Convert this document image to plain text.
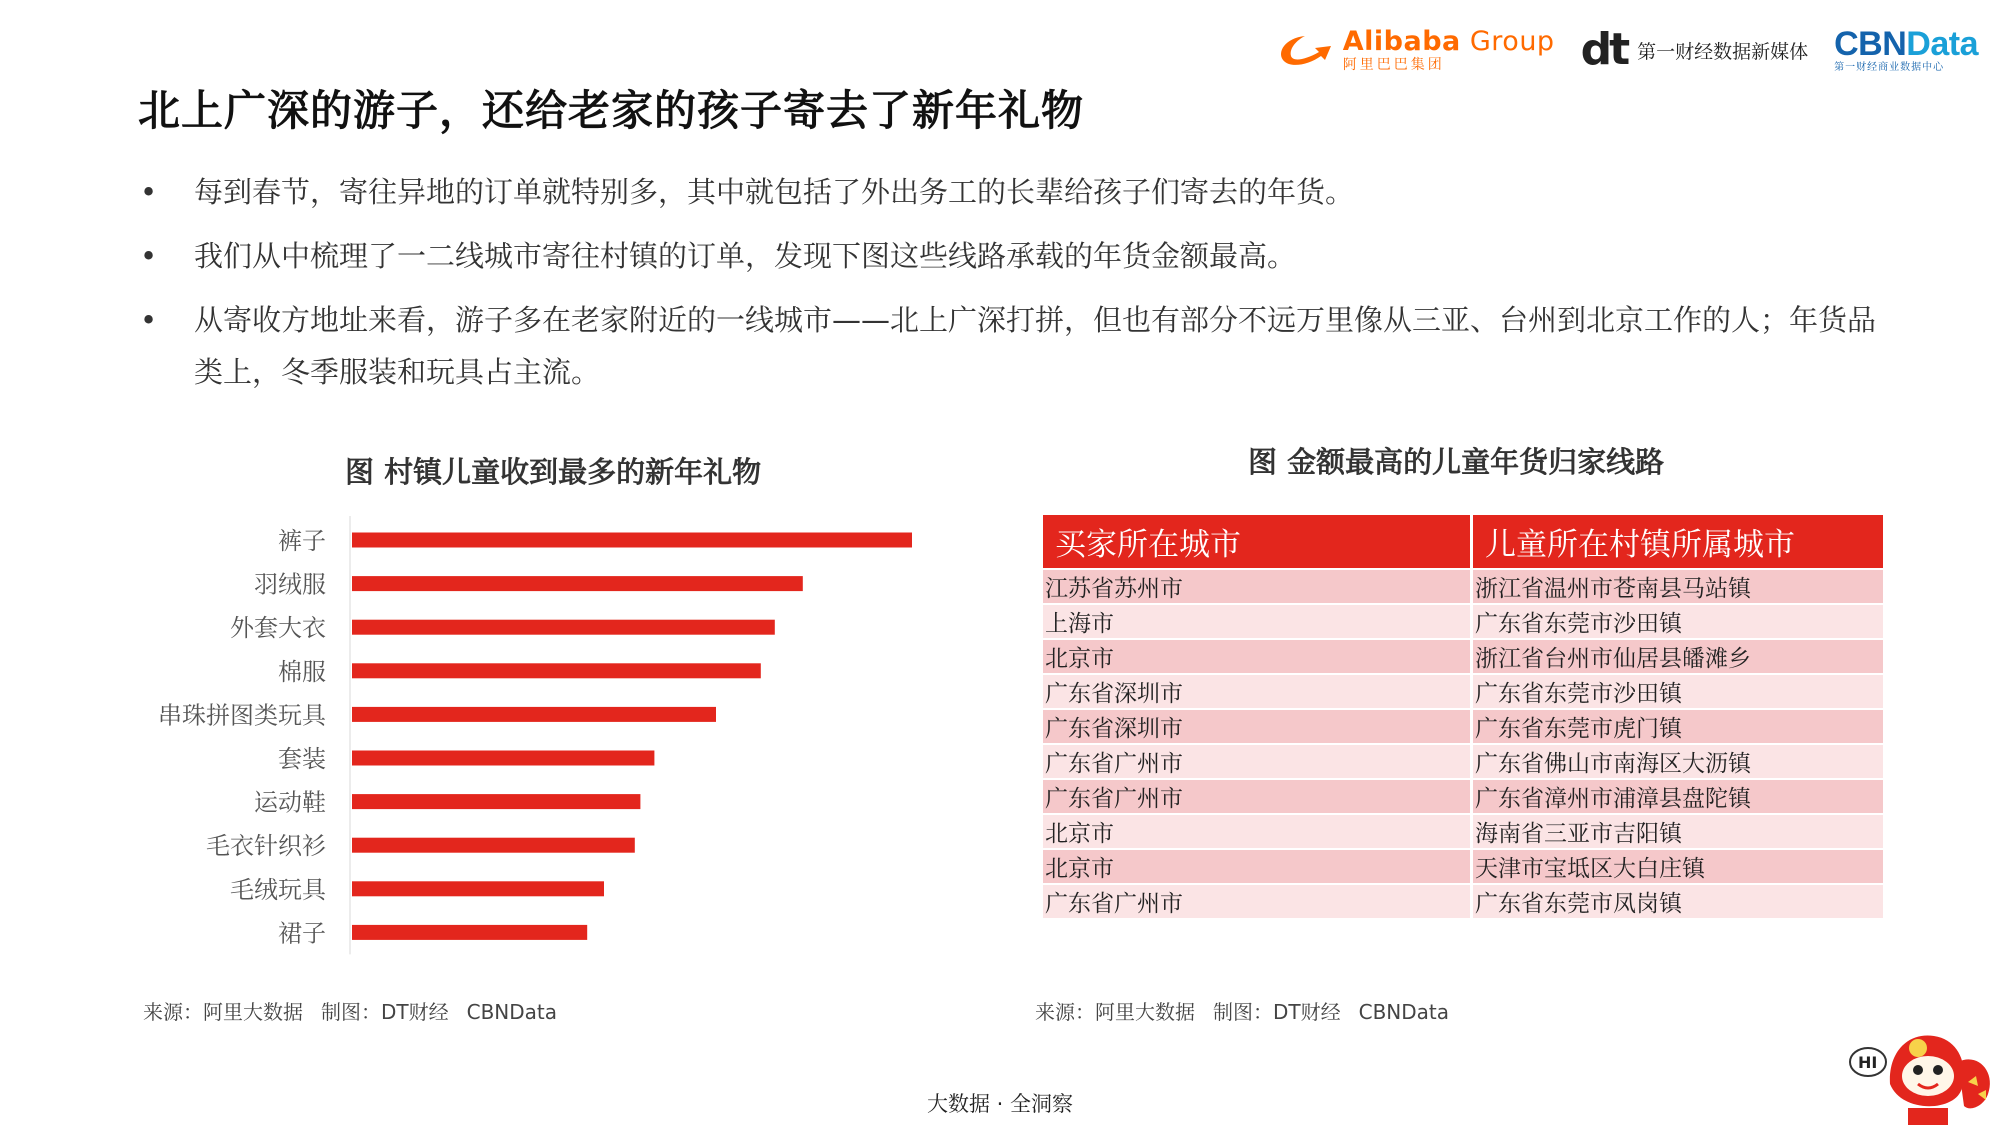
Alibaba Group
阿里巴巴集团	dt 第一财经数据新媒体 CBNData
第一财经商业数据中心
北上广深的游子，还给老家的孩子寄去了新年礼物
• 每到春节，寄往异地的订单就特别多，其中就包括了外出务工的长辈给孩子们寄去的年货。
• 我们从中梳理了一二线城市寄往村镇的订单，发现下图这些线路承载的年货金额最高。
• 从寄收方地址来看，游子多在老家附近的一线城市——北上广深打拼，但也有部分不远万里像从三亚、台州到北京工作的人；年货品类上，冬季服装和玩具占主流。
图 村镇儿童收到最多的新年礼物
裤子
羽绒服
外套大衣
棉服
串珠拼图类玩具
套装
运动鞋
毛衣针织衫
毛绒玩具
裙子
来源：阿里大数据 制图：DT财经 CBNData
图 金额最高的儿童年货归家线路
买家所在城市	儿童所在村镇所属城市
江苏省苏州市	浙江省温州市苍南县马站镇
上海市	广东省东莞市沙田镇
北京市	浙江省台州市仙居县皤滩乡
广东省深圳市	广东省东莞市沙田镇
广东省深圳市	广东省东莞市虎门镇
广东省广州市	广东省佛山市南海区大沥镇
广东省广州市	广东省漳州市浦漳县盘陀镇
北京市	海南省三亚市吉阳镇
北京市	天津市宝坻区大白庄镇
广东省广州市	广东省东莞市凤岗镇
来源：阿里大数据 制图：DT财经 CBNData
大数据 · 全洞察
HI
